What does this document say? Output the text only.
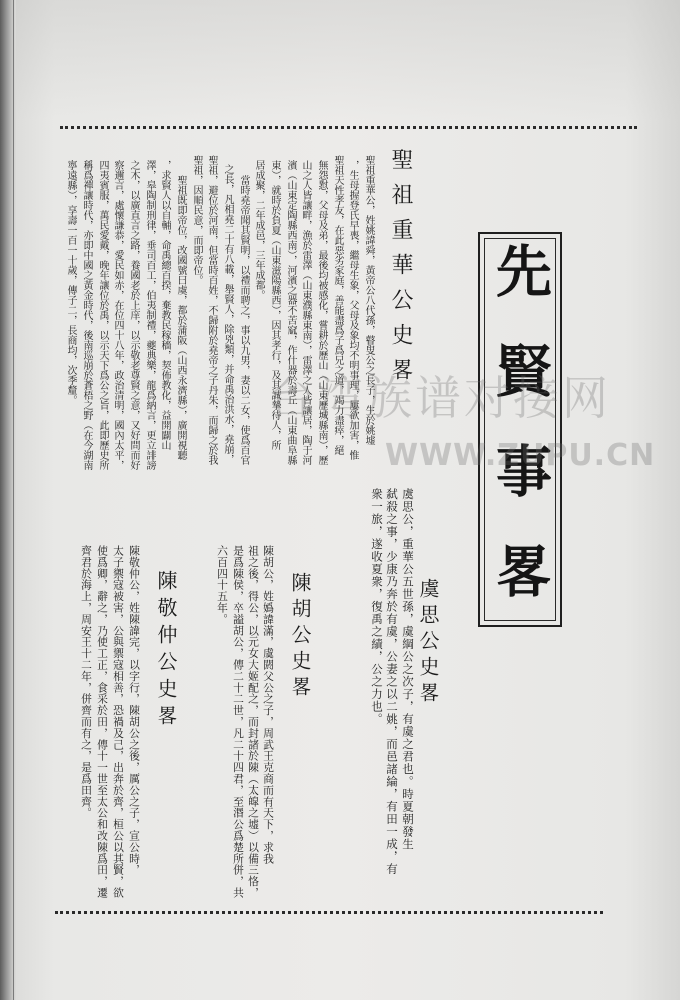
先賢事畧
聖祖重華公史畧
聖祖重華公，姓姚諱舜，黃帝公八代孫，瞽叟公之長子，生於姚墟
，生母握登氏早喪，繼母生象，父母及象均不明事理，屢欲加害，惟
聖祖天性孝友，在此惡劣家庭，善能盡爲子爲兄之道，竭力盡瘁，絕
無怨懟，父母及弟，最後均被感化，嘗耕於歷山（山東歷城縣南），歷
山之人皆讓畔，漁於雷澤（山東濮縣東南），雷澤之人皆讓居，陶于河
濱（山東定陶縣西南），河濱之器不苦窳，作什器於壽丘（山東曲阜縣
東），就時於負夏（山東滋陽縣西），因其孝行，及其誠摯待人，所
居成聚，二年成邑，三年成都。
當時堯帝聞其賢明，以禮而聘之，事以九男，妻以二女，使爲百官
之長，凡相堯二十有八載，舉賢人，除兇類，并命禹治洪水，堯崩，
聖祖，避位於河南，但當時百姓，不歸附於堯帝之子丹朱，而歸之於我
聖祖，因順民意，而即帝位。
聖祖既即帝位，改國號曰虞，都於蒲阪（山西永濟縣），廣開視聽
，求賢人以自輔，命禹總百揆，棄教民稼穡，契佈教化，益開闢山
澤，皋陶制刑律，垂司百工，伯夷制禮，夔典樂，龍爲納言，更立誹謗
之木，以廣直言之路，養國老於上庠，以示敬老尊賢之意，又好問而好
察邇言，處懷謙恭，愛民如赤，在位四十八年，政治清明，國內太平，
四夷賓服，萬民愛戴，晚年讓位於禹，以示天下爲公之旨，此即歷史所
稱爲禪讓時代，亦即中國之黃金時代，後南巡崩於蒼梧之野（在今湖南
寧遠縣），享壽一百一十歲，傳子二，長商均，次季釐。
虞思公史畧
虞思公，重華公五世孫，虞綱公之次子，有虞之君也。時夏朝發生
弑殺之事，少康乃奔於有虞，公妻之以二姚，而邑諸綸，有田一成，有
衆一旅，遂收夏衆，復禹之績，公之力也。
陳胡公史畧
陳胡公，姓嬀諱滿，虞閼父公之子，周武王克商而有天下，求我
祖之後，得公，以元女大姬配之，而封諸於陳（太皡之墟）以備三恪，
是爲陳侯，卒謚胡公，傳二十二世，凡二十四君，至湣公爲楚所併，共
六百四十五年。
陳敬仲公史畧
陳敬仲公，姓陳諱完，以字行，陳胡公之後，厲公之子，宣公時，
太子禦寇被害，公與禦寇相善，恐禍及己，出奔於齊，桓公以其賢，欲
使爲卿，辭之，乃使工正，食采於田，傳十一世至太公和改陳爲田，遷
齊君於海上，周安王十二年，併齊而有之，是爲田齊。
台湾族谱对接网
WWW.ZUPU.CN
